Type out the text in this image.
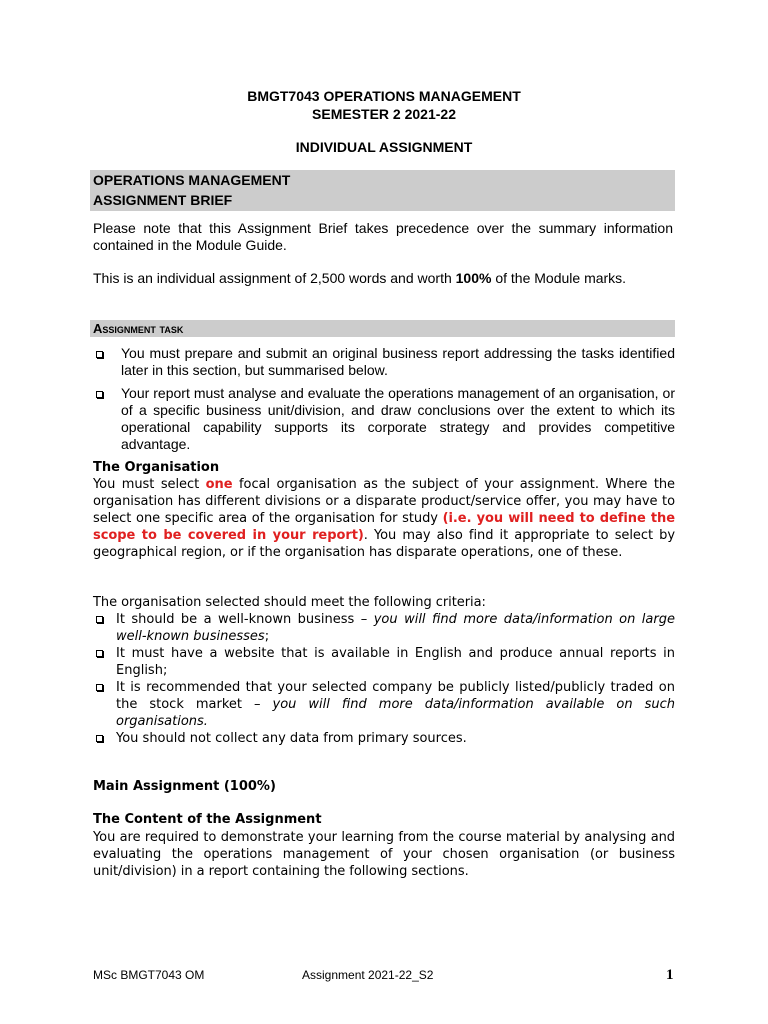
BMGT7043 OPERATIONS MANAGEMENT
SEMESTER 2 2021-22
INDIVIDUAL ASSIGNMENT
OPERATIONS MANAGEMENT
ASSIGNMENT BRIEF
Please note that this Assignment Brief takes precedence over the summary information contained in the Module Guide.
This is an individual assignment of 2,500 words and worth 100% of the Module marks.
Assignment task
You must prepare and submit an original business report addressing the tasks identified later in this section, but summarised below.
Your report must analyse and evaluate the operations management of an organisation, or of a specific business unit/division, and draw conclusions over the extent to which its operational capability supports its corporate strategy and provides competitive advantage.
The Organisation
You must select one focal organisation as the subject of your assignment. Where the organisation has different divisions or a disparate product/service offer, you may have to select one specific area of the organisation for study (i.e. you will need to define the scope to be covered in your report). You may also find it appropriate to select by geographical region, or if the organisation has disparate operations, one of these.
The organisation selected should meet the following criteria:
It should be a well-known business – you will find more data/information on large well-known businesses;
It must have a website that is available in English and produce annual reports in English;
It is recommended that your selected company be publicly listed/publicly traded on the stock market – you will find more data/information available on such organisations.
You should not collect any data from primary sources.
Main Assignment (100%)
The Content of the Assignment
You are required to demonstrate your learning from the course material by analysing and evaluating the operations management of your chosen organisation (or business unit/division) in a report containing the following sections.
MSc BMGT7043 OM	Assignment 2021-22_S2	1
